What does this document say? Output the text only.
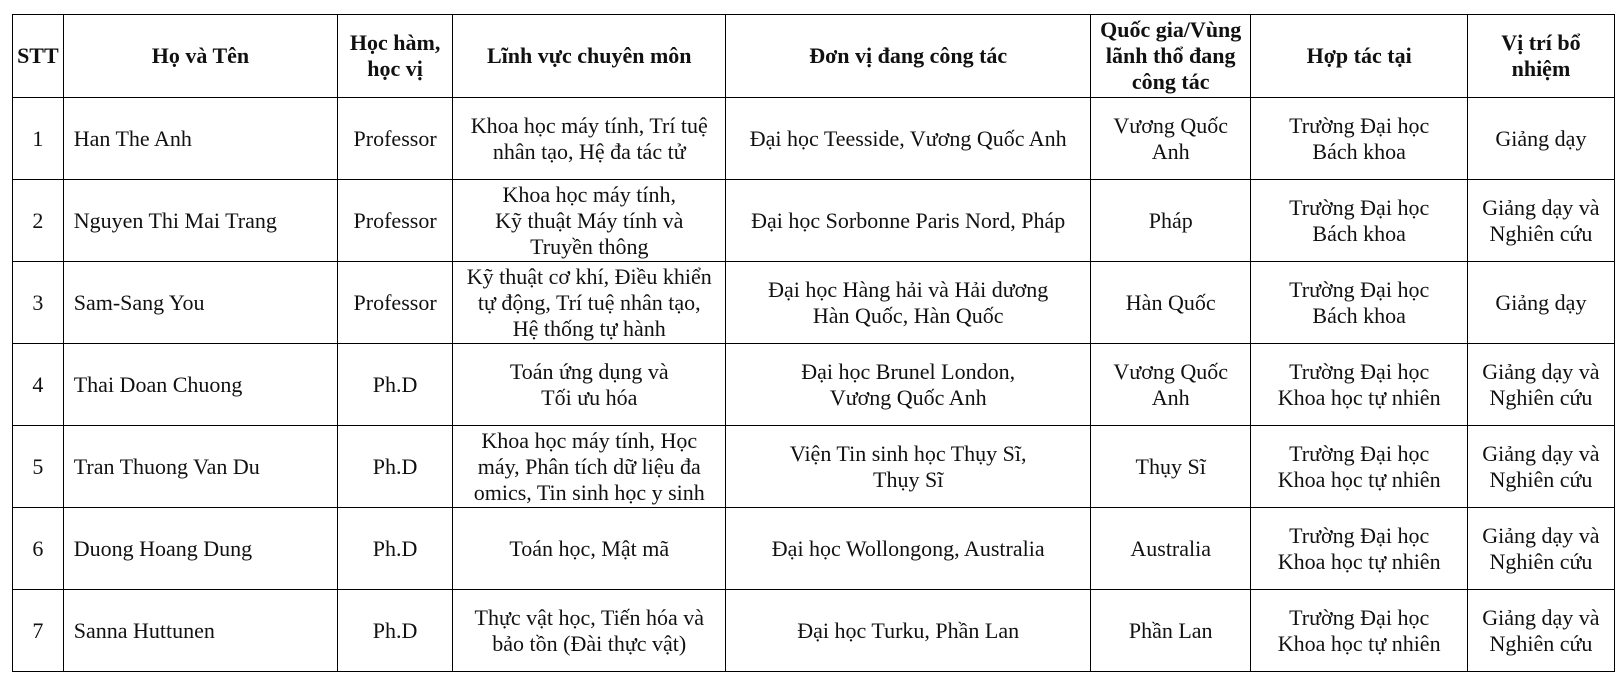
STT	Họ và Tên	Học hàm,
học vị	Lĩnh vực chuyên môn	Đơn vị đang công tác	Quốc gia/Vùng
lãnh thổ đang
công tác	Hợp tác tại	Vị trí bổ
nhiệm
1	Han The Anh	Professor	Khoa học máy tính, Trí tuệ
nhân tạo, Hệ đa tác tử	Đại học Teesside, Vương Quốc Anh	Vương Quốc
Anh	Trường Đại học
Bách khoa	Giảng dạy
2	Nguyen Thi Mai Trang	Professor	Khoa học máy tính,
Kỹ thuật Máy tính và
Truyền thông	Đại học Sorbonne Paris Nord, Pháp	Pháp	Trường Đại học
Bách khoa	Giảng dạy và
Nghiên cứu
3	Sam-Sang You	Professor	Kỹ thuật cơ khí, Điều khiển
tự động, Trí tuệ nhân tạo,
Hệ thống tự hành	Đại học Hàng hải và Hải dương
Hàn Quốc, Hàn Quốc	Hàn Quốc	Trường Đại học
Bách khoa	Giảng dạy
4	Thai Doan Chuong	Ph.D	Toán ứng dụng và
Tối ưu hóa	Đại học Brunel London,
Vương Quốc Anh	Vương Quốc
Anh	Trường Đại học
Khoa học tự nhiên	Giảng dạy và
Nghiên cứu
5	Tran Thuong Van Du	Ph.D	Khoa học máy tính, Học
máy, Phân tích dữ liệu đa
omics, Tin sinh học y sinh	Viện Tin sinh học Thụy Sĩ,
Thụy Sĩ	Thụy Sĩ	Trường Đại học
Khoa học tự nhiên	Giảng dạy và
Nghiên cứu
6	Duong Hoang Dung	Ph.D	Toán học, Mật mã	Đại học Wollongong, Australia	Australia	Trường Đại học
Khoa học tự nhiên	Giảng dạy và
Nghiên cứu
7	Sanna Huttunen	Ph.D	Thực vật học, Tiến hóa và
bảo tồn (Đài thực vật)	Đại học Turku, Phần Lan	Phần Lan	Trường Đại học
Khoa học tự nhiên	Giảng dạy và
Nghiên cứu
